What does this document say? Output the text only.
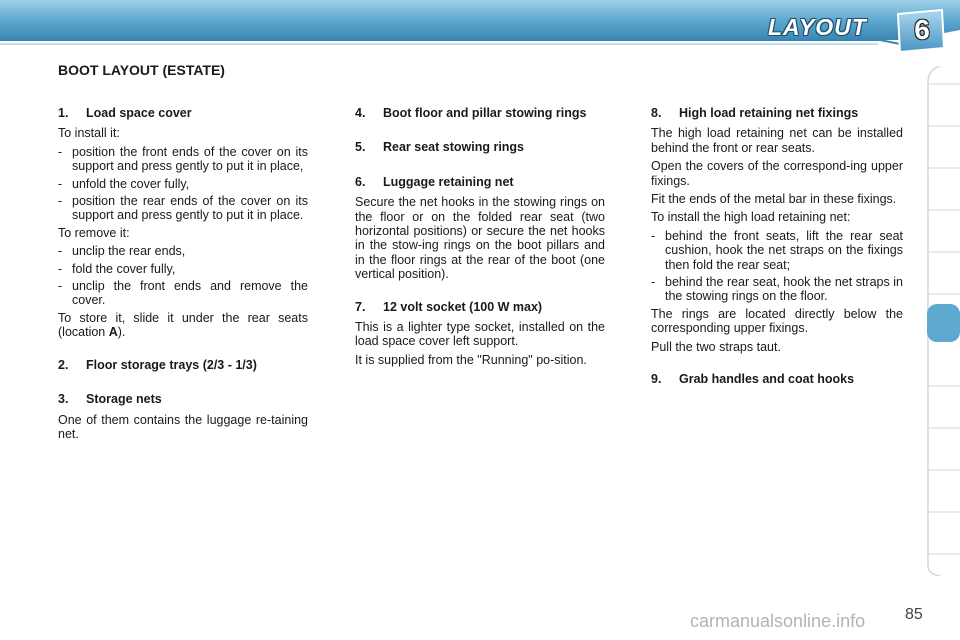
LAYOUT 6
BOOT LAYOUT (ESTATE)
1.	Load space cover

To install it:

- position the front ends of the cover on its support and press gently to put it in place,
- unfold the cover fully,
- position the rear ends of the cover on its support and press gently to put it in place.

To remove it:

- unclip the rear ends,
- fold the cover fully,
- unclip the front ends and remove the cover.

To store it, slide it under the rear seats (location A).

2.	Floor storage trays (2/3 - 1/3)
3.	Storage nets

One of them contains the luggage re-taining net.

4.	Boot floor and pillar stowing rings
5.	Rear seat stowing rings
6.	Luggage retaining net

Secure the net hooks in the stowing rings on the floor or on the folded rear seat (two horizontal positions) or secure the net hooks in the stow-ing rings on the boot pillars and in the floor rings at the rear of the boot (one vertical position).

7.	12 volt socket (100 W max)

This is a lighter type socket, installed on the load space cover left support.

It is supplied from the "Running" po-sition.

8.	High load retaining net fixings

The high load retaining net can be installed behind the front or rear seats.

Open the covers of the correspond-ing upper fixings.

Fit the ends of the metal bar in these fixings.

To install the high load retaining net:

- behind the front seats, lift the rear seat cushion, hook the net straps on the fixings then fold the rear seat;
- behind the rear seat, hook the net straps in the stowing rings on the floor.

The rings are located directly below the corresponding upper fixings.

Pull the two straps taut.

9.	Grab handles and coat hooks
carmanualsonline.info 85
